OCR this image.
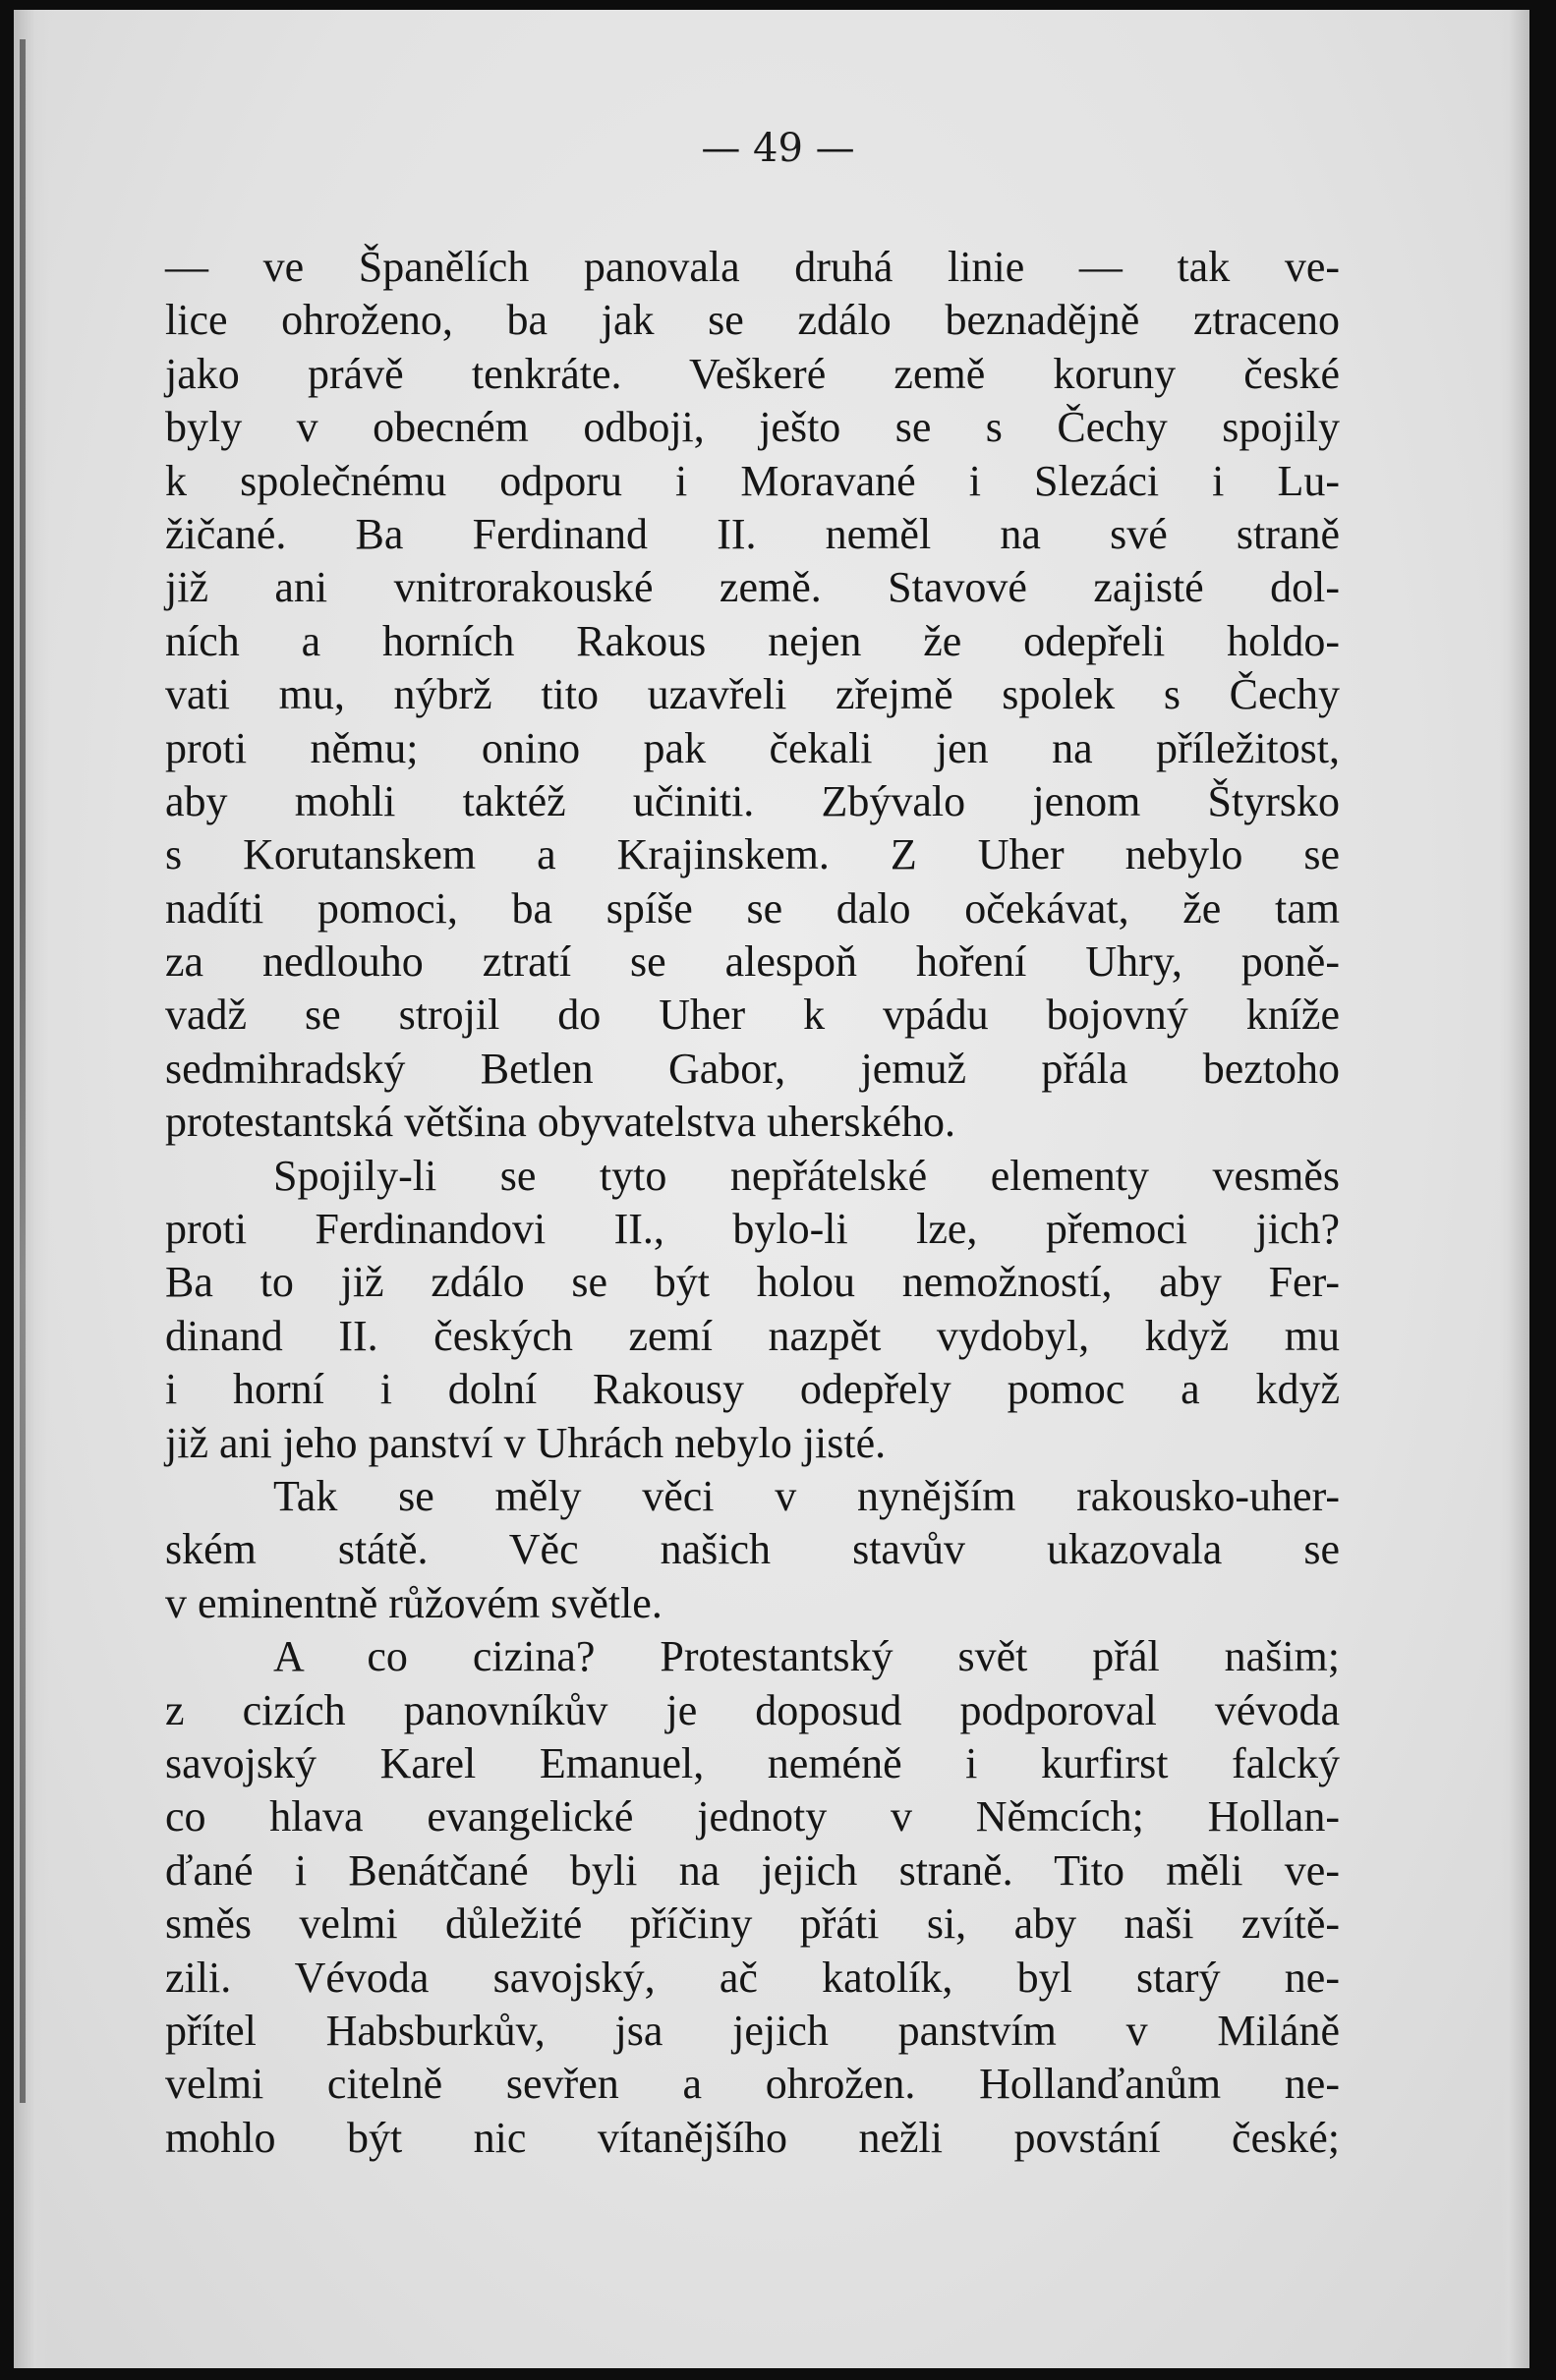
— 49 —
— ve Španělích panovala druhá linie — tak ve-
lice ohroženo, ba jak se zdálo beznadějně ztraceno
jako právě tenkráte. Veškeré země koruny české
byly v obecném odboji, ješto se s Čechy spojily
k společnému odporu i Moravané i Slezáci i Lu-
žičané. Ba Ferdinand II. neměl na své straně
již ani vnitrorakouské země. Stavové zajisté dol-
ních a horních Rakous nejen že odepřeli holdo-
vati mu, nýbrž tito uzavřeli zřejmě spolek s Čechy
proti němu; onino pak čekali jen na příležitost,
aby mohli taktéž učiniti. Zbývalo jenom Štyrsko
s Korutanskem a Krajinskem. Z Uher nebylo se
nadíti pomoci, ba spíše se dalo očekávat, že tam
za nedlouho ztratí se alespoň hoření Uhry, poně-
vadž se strojil do Uher k vpádu bojovný kníže
sedmihradský Betlen Gabor, jemuž přála beztoho
protestantská většina obyvatelstva uherského.
Spojily-li se tyto nepřátelské elementy vesměs
proti Ferdinandovi II., bylo-li lze, přemoci jich?
Ba to již zdálo se být holou nemožností, aby Fer-
dinand II. českých zemí nazpět vydobyl, když mu
i horní i dolní Rakousy odepřely pomoc a když
již ani jeho panství v Uhrách nebylo jisté.
Tak se měly věci v nynějším rakousko-uher-
ském státě. Věc našich stavův ukazovala se
v eminentně růžovém světle.
A co cizina? Protestantský svět přál našim;
z cizích panovníkův je doposud podporoval vévoda
savojský Karel Emanuel, neméně i kurfirst falcký
co hlava evangelické jednoty v Němcích; Hollan-
ďané i Benátčané byli na jejich straně. Tito měli ve-
směs velmi důležité příčiny přáti si, aby naši zvítě-
zili. Vévoda savojský, ač katolík, byl starý ne-
přítel Habsburkův, jsa jejich panstvím v Miláně
velmi citelně sevřen a ohrožen. Hollanďanům ne-
mohlo být nic vítanějšího nežli povstání české;
